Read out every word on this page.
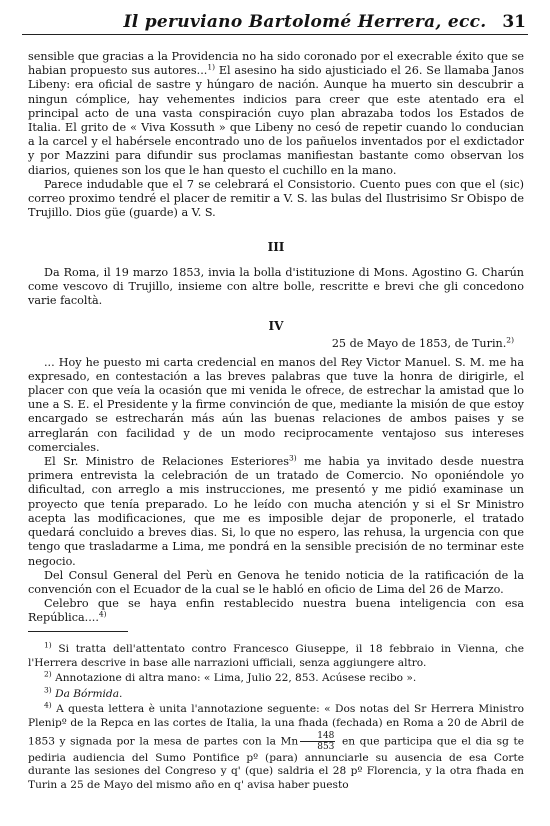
Il peruviano Bartolomé Herrera, ecc. 31

sensible que gracias a la Providencia no ha sido coronado por el execrable éxito que se habian propuesto sus autores...$^{1)}$ El asesino ha sido ajusticiado el 26. Se llamaba Janos Libeny: era oficial de sastre y húngaro de nación. Aunque ha muerto sin descubrir a ningun cómplice, hay vehementes indicios para creer que este atentado era el principal acto de una vasta conspiración cuyo plan abrazaba todos los Estados de Italia. El grito de « Viva Kossuth » que Libeny no cesó de repetir cuando lo conducian a la carcel y el habérsele encontrado uno de los pañuelos inventados por el exdictador y por Mazzini para difundir sus proclamas manifiestan bastante como observan los diarios, quienes son los que le han questo el cuchillo en la mano.

Parece indudable que el 7 se celebrará el Consistorio. Cuento pues con que el (sic) correo proximo tendré el placer de remitir a V. S. las bulas del Ilustrisimo Sr Obispo de Trujillo. Dios güe (guarde) a V. S.

III

Da Roma, il 19 marzo 1853, invia la bolla d'istituzione di Mons. Agostino G. Charún come vescovo di Trujillo, insieme con altre bolle, rescritte e brevi che gli concedono varie facoltà.

IV

25 de Mayo de 1853, de Turin.$^{2)}$

... Hoy he puesto mi carta credencial en manos del Rey Victor Manuel. S. M. me ha expresado, en contestación a las breves palabras que tuve la honra de dirigirle, el placer con que veía la ocasión que mi venida le ofrece, de estrechar la amistad que lo une a S. E. el Presidente y la firme convinción de que, mediante la misión de que estoy encargado se estrecharán más aún las buenas relaciones de ambos paises y se arreglarán con facilidad y de un modo reciprocamente ventajoso sus intereses comerciales.

El Sr. Ministro de Relaciones Esteriores$^{3)}$ me habia ya invitado desde nuestra primera entrevista la celebración de un tratado de Comercio. No oponiéndole yo dificultad, con arreglo a mis instrucciones, me presentó y me pidió examinase un proyecto que tenía preparado. Lo he leído con mucha atención y si el Sr Ministro acepta las modificaciones, que me es imposible dejar de proponerle, el tratado quedará concluido a breves dias. Si, lo que no espero, las rehusa, la urgencia con que tengo que trasladarme a Lima, me pondrá en la sensible precisión de no terminar este negocio.

Del Consul General del Perù en Genova he tenido noticia de la ratificación de la convención con el Ecuador de la cual se le habló en oficio de Lima del 26 de Marzo.

Celebro que se haya enfin restablecido nuestra buena inteligencia con esa República....$^{4)}$

$^{1)}$ Si tratta dell'attentato contro Francesco Giuseppe, il 18 febbraio in Vienna, che l'Herrera descrive in base alle narrazioni ufficiali, senza aggiungere altro.

$^{2)}$ Annotazione di altra mano: « Lima, Julio 22, 853. Acúsese recibo ».

$^{3)}$ Da Bórmida.

$^{4)}$ A questa lettera è unita l'annotazione seguente: « Dos notas del Sr Herrera Ministro Plenipº de la Repca en las cortes de Italia, la una fhada (fechada) en Roma a 20 de Abril de 1853 y signada por la mesa de partes con la Mn $\frac{148}{853}$ en que participa que el dia sg te pediria audiencia del Sumo Pontifice pº (para) annunciarle su ausencia de esa Corte durante las sesiones del Congreso y q' (que) saldria el 28 pº Florencia, y la otra fhada en Turin a 25 de Mayo del mismo año en q' avisa haber puesto
